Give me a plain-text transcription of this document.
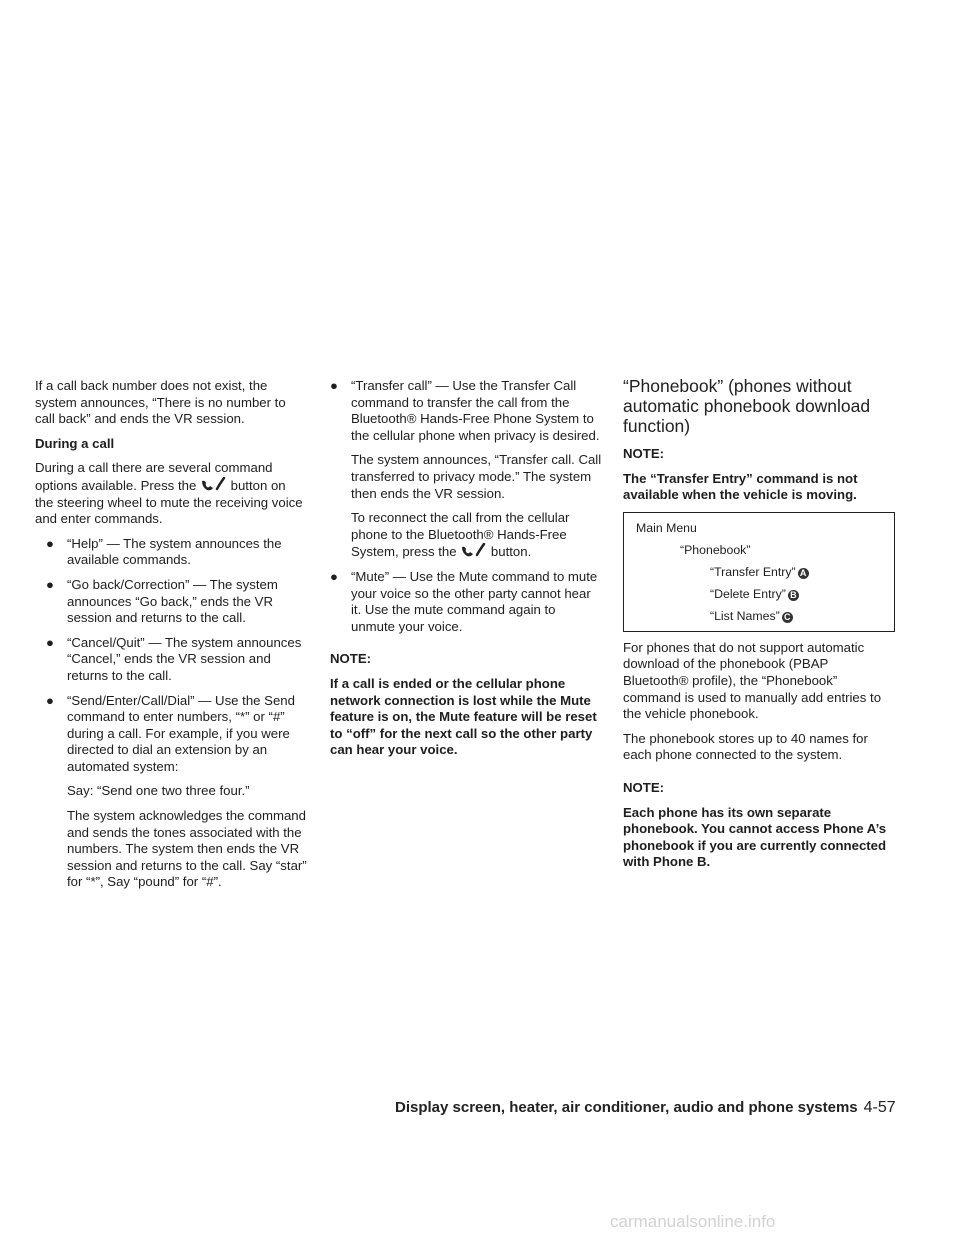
If a call back number does not exist, the system announces, “There is no number to call back” and ends the VR session.

During a call

During a call there are several command options available. Press the	button on the steering wheel to mute the receiving voice and enter commands.

● “Help” — The system announces the available commands.
● “Go back/Correction” — The system announces “Go back,” ends the VR session and returns to the call.
● “Cancel/Quit” — The system announces “Cancel,” ends the VR session and returns to the call.
● “Send/Enter/Call/Dial” — Use the Send command to enter numbers, “*” or “#” during a call. For example, if you were directed to dial an extension by an automated system:

Say: “Send one two three four.”

The system acknowledges the command and sends the tones associated with the numbers. The system then ends the VR session and returns to the call. Say “star” for “*”, Say “pound” for “#”.

● “Transfer call” — Use the Transfer Call command to transfer the call from the Bluetooth® Hands-Free Phone System to the cellular phone when privacy is desired.

The system announces, “Transfer call. Call transferred to privacy mode.” The system then ends the VR session.

To reconnect the call from the cellular phone to the Bluetooth® Hands-Free System, press the	button.

● “Mute” — Use the Mute command to mute your voice so the other party cannot hear it. Use the mute command again to unmute your voice.

NOTE:

If a call is ended or the cellular phone network connection is lost while the Mute feature is on, the Mute feature will be reset to “off” for the next call so the other party can hear your voice.

“Phonebook” (phones without automatic phonebook download function)

NOTE:

The “Transfer Entry” command is not available when the vehicle is moving.

Main Menu
“Phonebook”
“Transfer Entry” A
“Delete Entry” B
“List Names” C

For phones that do not support automatic download of the phonebook (PBAP Bluetooth® profile), the “Phonebook” command is used to manually add entries to the vehicle phonebook.

The phonebook stores up to 40 names for each phone connected to the system.

NOTE:

Each phone has its own separate phonebook. You cannot access Phone A’s phonebook if you are currently connected with Phone B.

Display screen, heater, air conditioner, audio and phone systems 4-57
carmanualsonline.info
